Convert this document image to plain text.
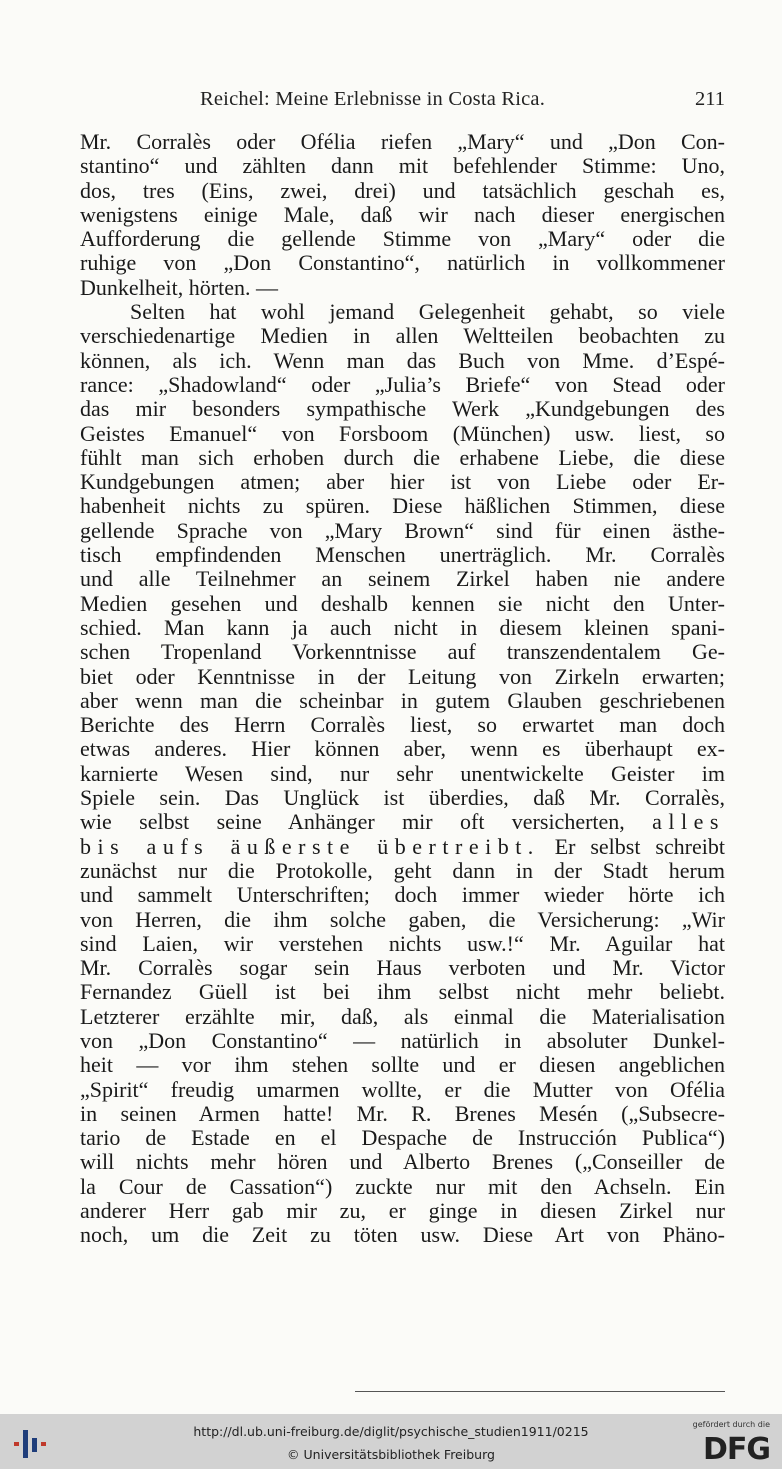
Reichel: Meine Erlebnisse in Costa Rica.	211
Mr. Corralès oder Ofélia riefen „Mary“ und „Don Con-
stantino“ und zählten dann mit befehlender Stimme: Uno,
dos, tres (Eins, zwei, drei) und tatsächlich geschah es,
wenigstens einige Male, daß wir nach dieser energischen
Aufforderung die gellende Stimme von „Mary“ oder die
ruhige von „Don Constantino“, natürlich in vollkommener
Dunkelheit, hörten. —
Selten hat wohl jemand Gelegenheit gehabt, so viele
verschiedenartige Medien in allen Weltteilen beobachten zu
können, als ich. Wenn man das Buch von Mme. d’Espé-
rance: „Shadowland“ oder „Julia’s Briefe“ von Stead oder
das mir besonders sympathische Werk „Kundgebungen des
Geistes Emanuel“ von Forsboom (München) usw. liest, so
fühlt man sich erhoben durch die erhabene Liebe, die diese
Kundgebungen atmen; aber hier ist von Liebe oder Er-
habenheit nichts zu spüren. Diese häßlichen Stimmen, diese
gellende Sprache von „Mary Brown“ sind für einen ästhe-
tisch empfindenden Menschen unerträglich. Mr. Corralès
und alle Teilnehmer an seinem Zirkel haben nie andere
Medien gesehen und deshalb kennen sie nicht den Unter-
schied. Man kann ja auch nicht in diesem kleinen spani-
schen Tropenland Vorkenntnisse auf transzendentalem Ge-
biet oder Kenntnisse in der Leitung von Zirkeln erwarten;
aber wenn man die scheinbar in gutem Glauben geschriebenen
Berichte des Herrn Corralès liest, so erwartet man doch
etwas anderes. Hier können aber, wenn es überhaupt ex-
karnierte Wesen sind, nur sehr unentwickelte Geister im
Spiele sein. Das Unglück ist überdies, daß Mr. Corralès,
wie selbst seine Anhänger mir oft versicherten, alles
bis aufs äußerste übertreibt. Er selbst schreibt
zunächst nur die Protokolle, geht dann in der Stadt herum
und sammelt Unterschriften; doch immer wieder hörte ich
von Herren, die ihm solche gaben, die Versicherung: „Wir
sind Laien, wir verstehen nichts usw.!“ Mr. Aguilar hat
Mr. Corralès sogar sein Haus verboten und Mr. Victor
Fernandez Güell ist bei ihm selbst nicht mehr beliebt.
Letzterer erzählte mir, daß, als einmal die Materialisation
von „Don Constantino“ — natürlich in absoluter Dunkel-
heit — vor ihm stehen sollte und er diesen angeblichen
„Spirit“ freudig umarmen wollte, er die Mutter von Ofélia
in seinen Armen hatte! Mr. R. Brenes Mesén („Subsecre-
tario de Estade en el Despache de Instrucción Publica“)
will nichts mehr hören und Alberto Brenes („Conseiller de
la Cour de Cassation“) zuckte nur mit den Achseln. Ein
anderer Herr gab mir zu, er ginge in diesen Zirkel nur
noch, um die Zeit zu töten usw. Diese Art von Phäno-
http://dl.ub.uni-freiburg.de/diglit/psychische_studien1911/0215
© Universitätsbibliothek Freiburg
gefördert durch die
DFG
